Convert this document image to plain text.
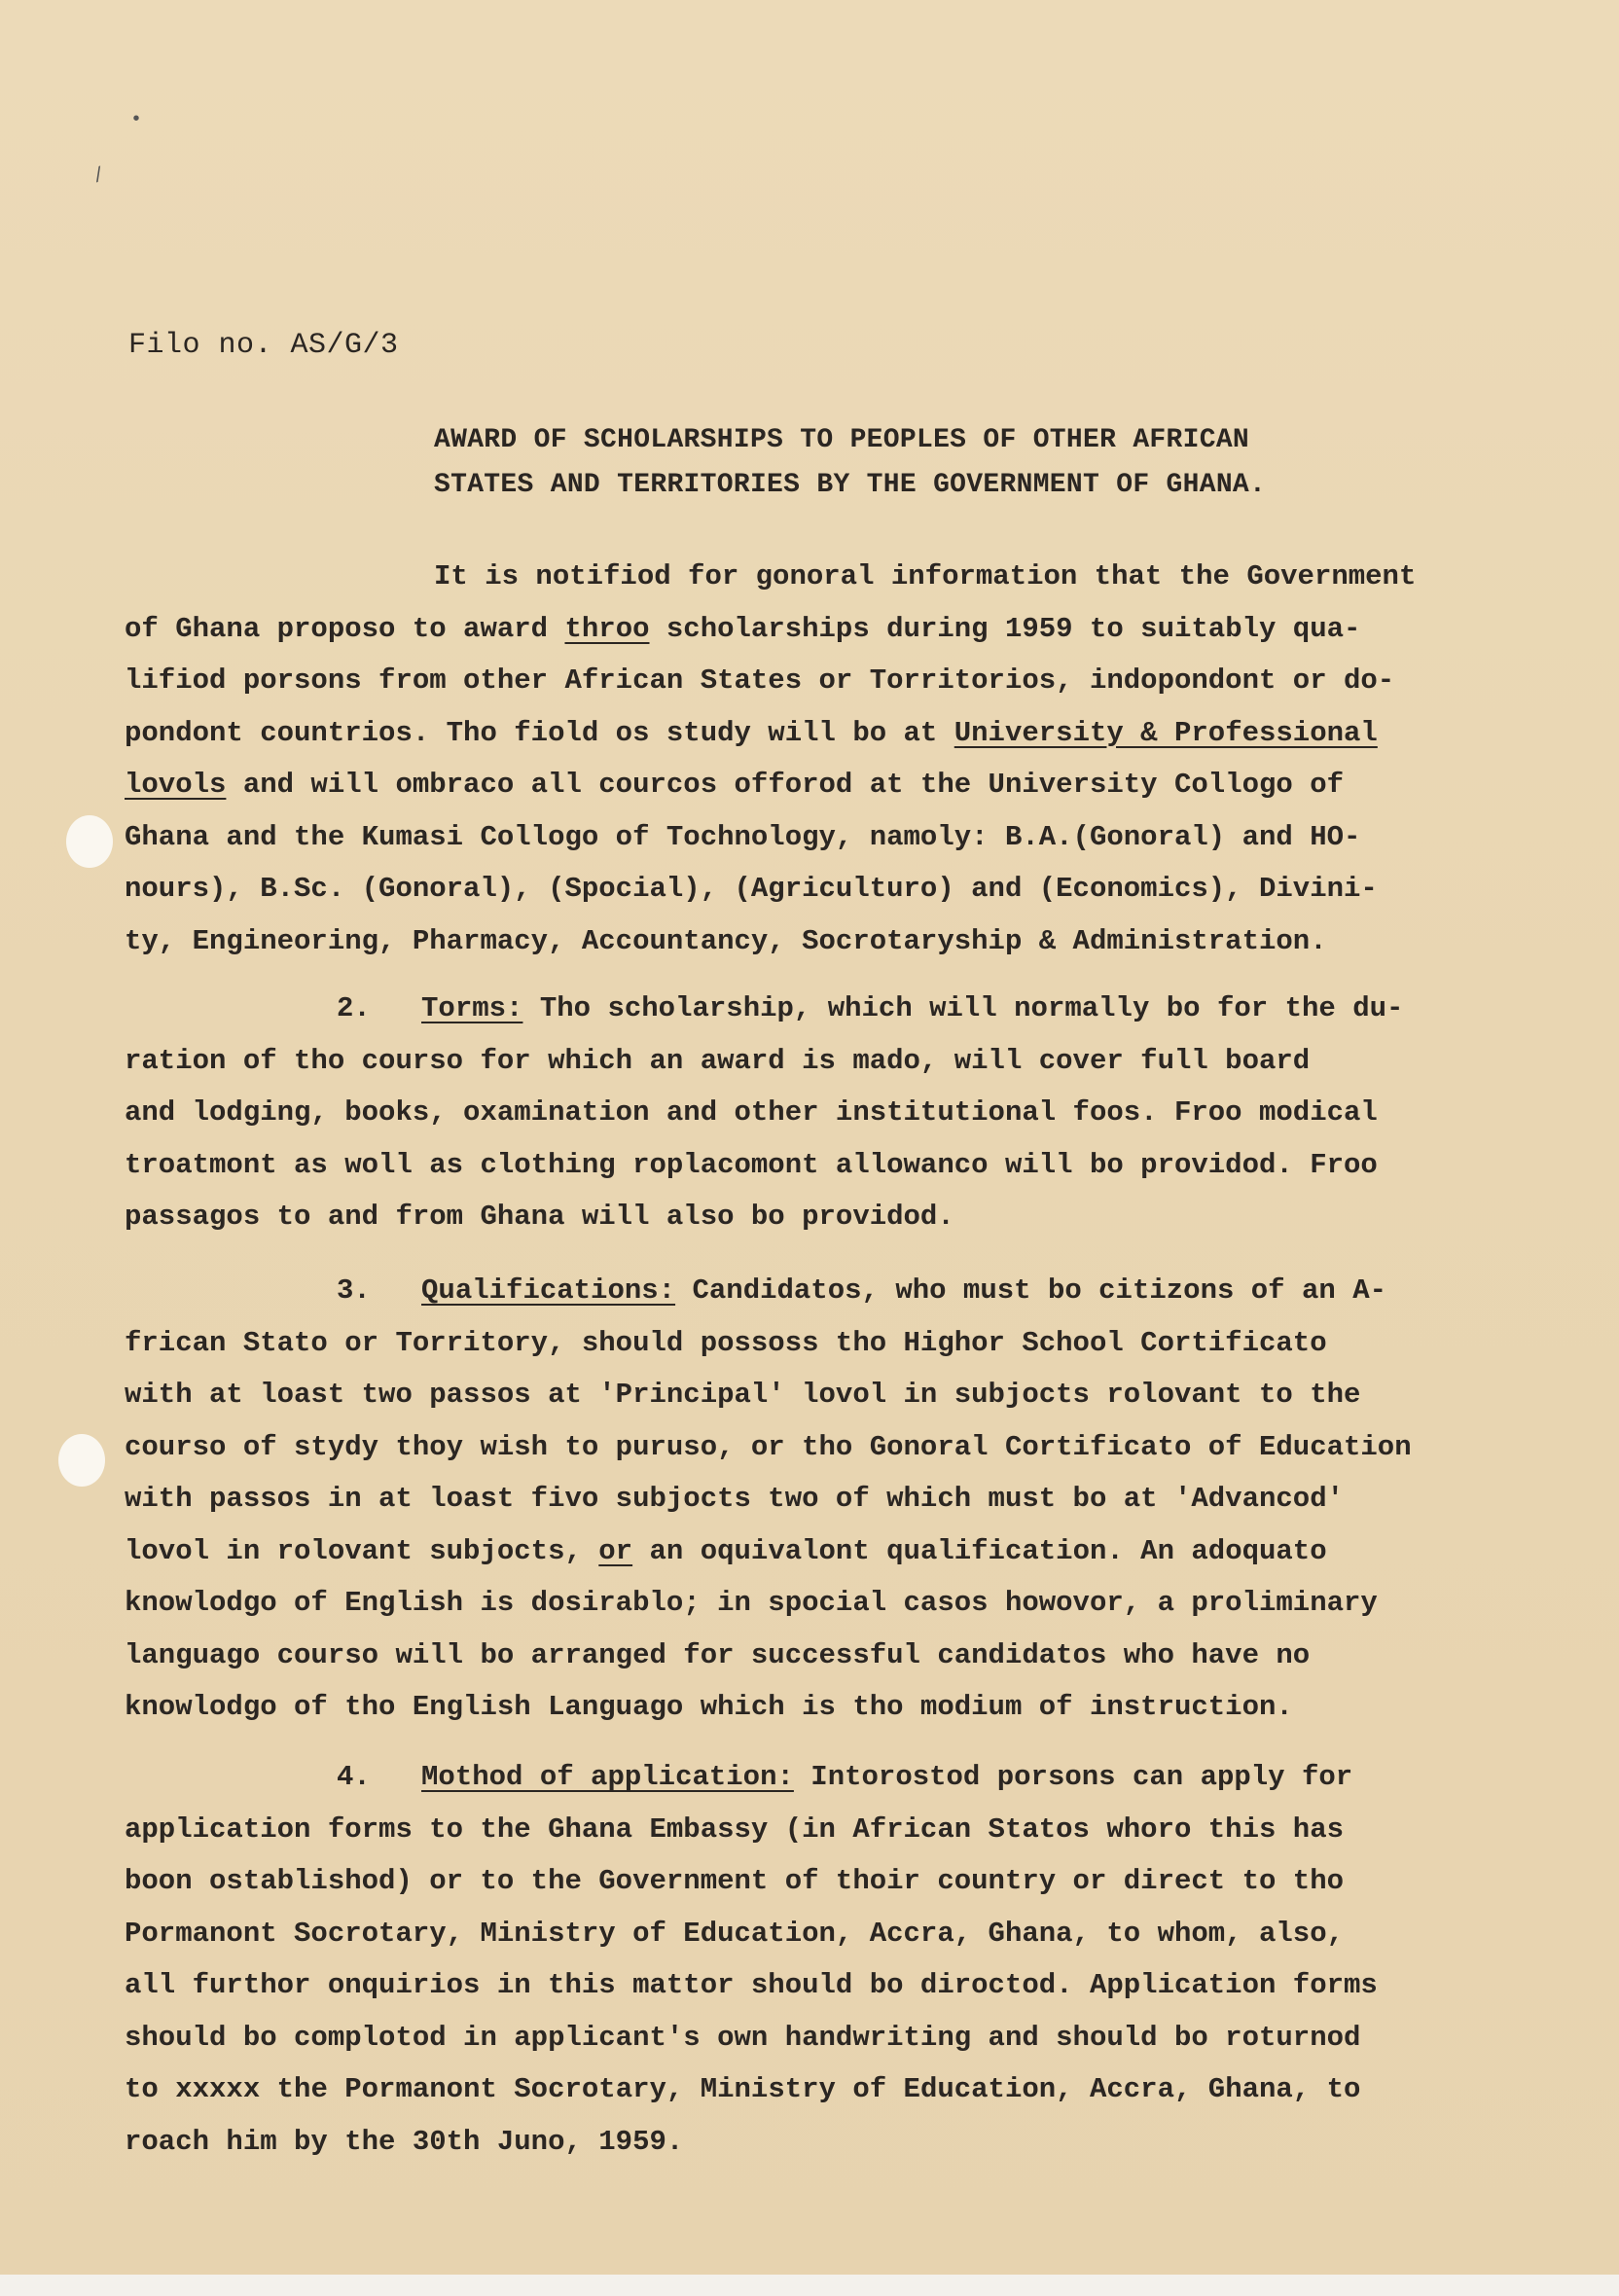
•
/
Filo no. AS/G/3
AWARD OF SCHOLARSHIPS TO PEOPLES OF OTHER AFRICAN
STATES AND TERRITORIES BY THE GOVERNMENT OF GHANA.
It is notifiod for gonoral information that the Government
of Ghana proposo to award throo scholarships during 1959 to suitably qua-
lifiod porsons from other African States or Torritorios, indopondont or do-
pondont countrios. Tho fiold os study will bo at University & Professional
lovols and will ombraco all courcos offorod at the University Collogo of
Ghana and the Kumasi Collogo of Tochnology, namoly: B.A.(Gonoral) and HO-
nours), B.Sc. (Gonoral), (Spocial), (Agriculturo) and (Economics), Divini-
ty, Engineoring, Pharmacy, Accountancy, Socrotaryship & Administration.
2. Torms: Tho scholarship, which will normally bo for the du-
ration of tho courso for which an award is mado, will cover full board
and lodging, books, oxamination and other institutional foos. Froo modical
troatmont as woll as clothing roplacomont allowanco will bo providod. Froo
passagos to and from Ghana will also bo providod.
3. Qualifications: Candidatos, who must bo citizons of an A-
frican Stato or Torritory, should possoss tho Highor School Cortificato
with at loast two passos at 'Principal' lovol in subjocts rolovant to the
courso of stydy thoy wish to puruso, or tho Gonoral Cortificato of Education
with passos in at loast fivo subjocts two of which must bo at 'Advancod'
lovol in rolovant subjocts, or an oquivalont qualification. An adoquato
knowlodgo of English is dosirablo; in spocial casos howovor, a proliminary
languago courso will bo arranged for successful candidatos who have no
knowlodgo of tho English Languago which is tho modium of instruction.
4. Mothod of application: Intorostod porsons can apply for
application forms to the Ghana Embassy (in African Statos whoro this has
boon ostablishod) or to the Government of thoir country or direct to tho
Pormanont Socrotary, Ministry of Education, Accra, Ghana, to whom, also,
all furthor onquirios in this mattor should bo diroctod. Application forms
should bo complotod in applicant's own handwriting and should bo roturnod
to xxxxx the Pormanont Socrotary, Ministry of Education, Accra, Ghana, to
roach him by the 30th Juno, 1959.
